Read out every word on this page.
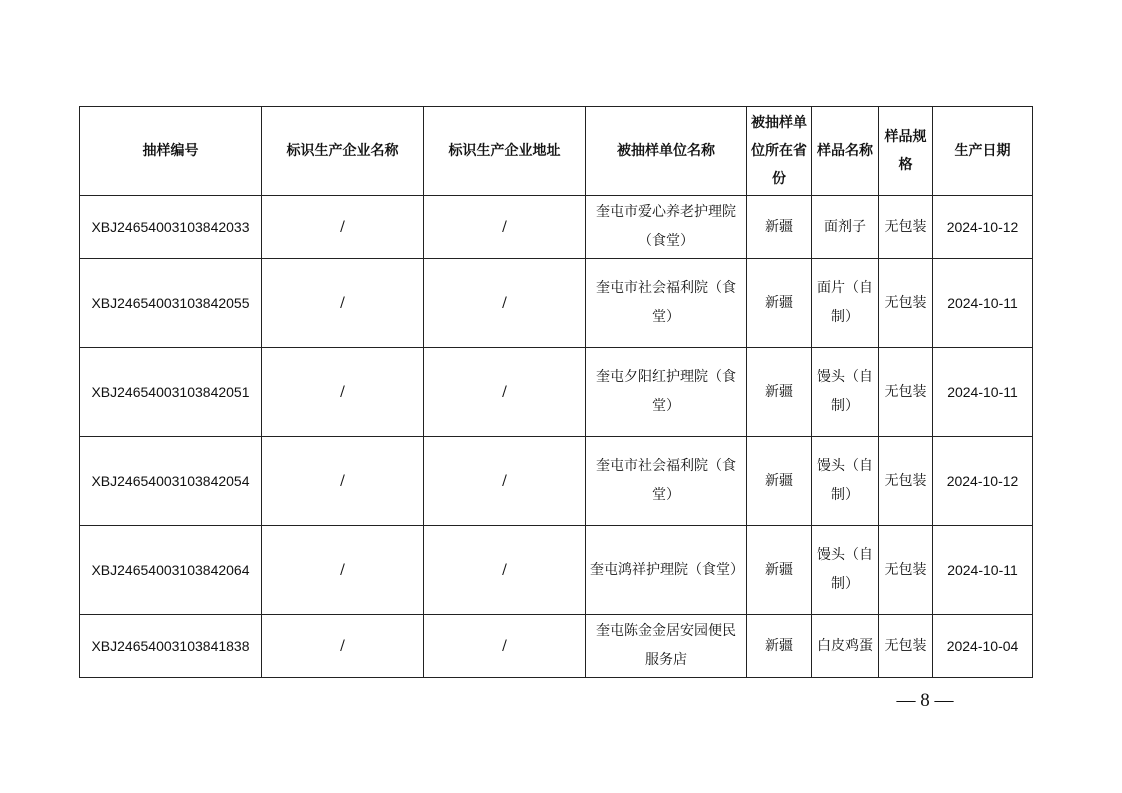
抽样编号	标识生产企业名称	标识生产企业地址	被抽样单位名称	被抽样单位所在省份	样品名称	样品规格	生产日期
XBJ24654003103842033	/	/	奎屯市爱心养老护理院（食堂）	新疆	面剂子	无包装	2024-10-12
XBJ24654003103842055	/	/	奎屯市社会福利院（食堂）	新疆	面片（自制）	无包装	2024-10-11
XBJ24654003103842051	/	/	奎屯夕阳红护理院（食堂）	新疆	馒头（自制）	无包装	2024-10-11
XBJ24654003103842054	/	/	奎屯市社会福利院（食堂）	新疆	馒头（自制）	无包装	2024-10-12
XBJ24654003103842064	/	/	奎屯鸿祥护理院（食堂）	新疆	馒头（自制）	无包装	2024-10-11
XBJ24654003103841838	/	/	奎屯陈金金居安园便民服务店	新疆	白皮鸡蛋	无包装	2024-10-04
— 8 —
